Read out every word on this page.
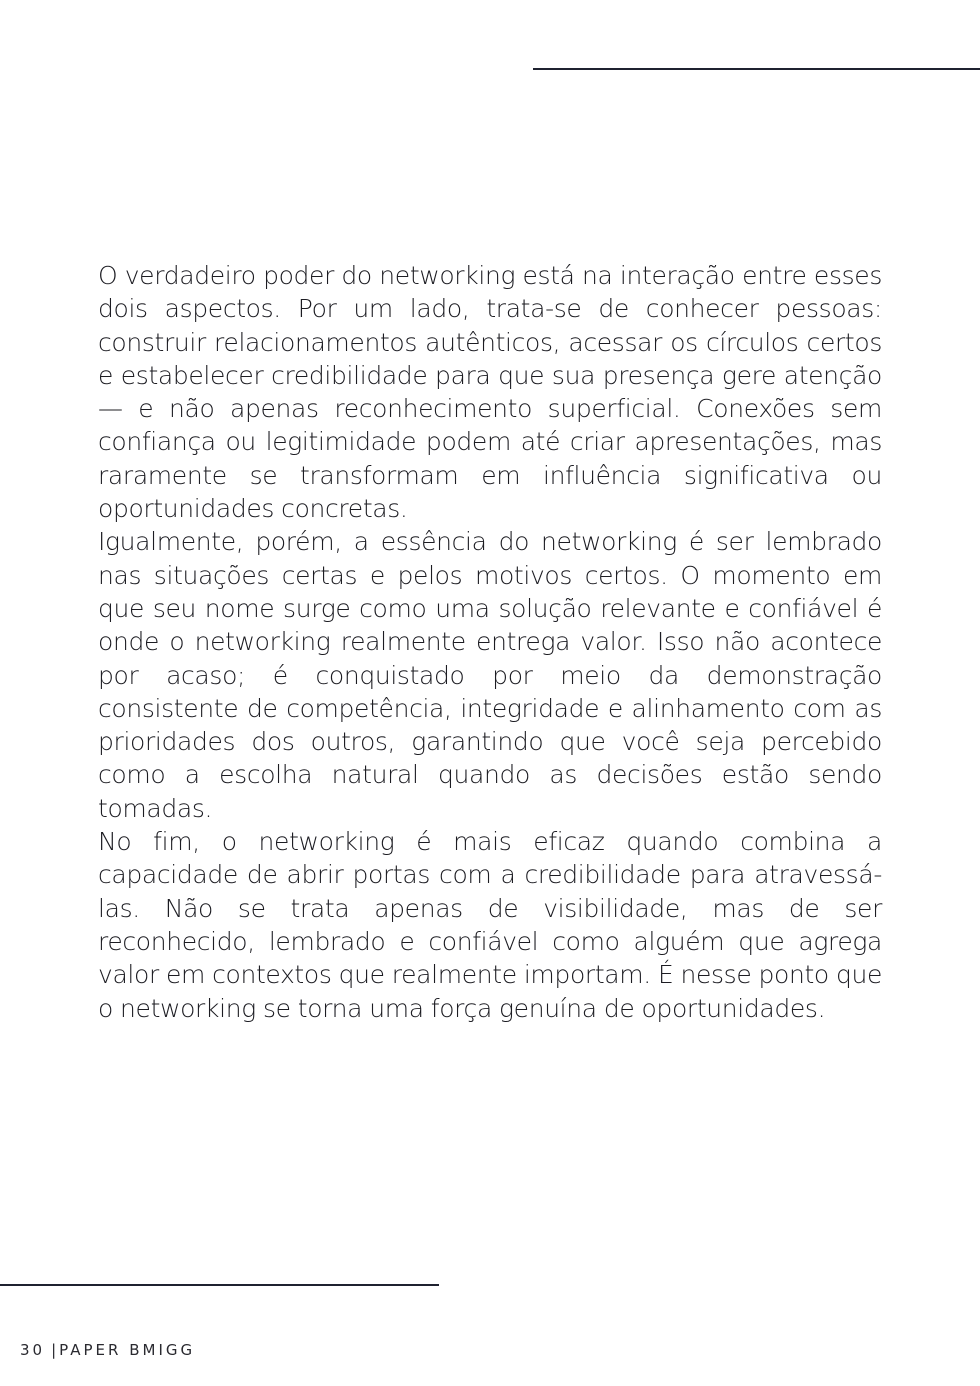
O verdadeiro poder do networking está na interação entre esses dois aspectos. Por um lado, trata-se de conhecer pessoas: construir relacionamentos autênticos, acessar os círculos certos e estabelecer credibilidade para que sua presença gere atenção — e não apenas reconhecimento superficial. Conexões sem confiança ou legitimidade podem até criar apresentações, mas raramente se transformam em influência significativa ou oportunidades concretas.

Igualmente, porém, a essência do networking é ser lembrado nas situações certas e pelos motivos certos. O momento em que seu nome surge como uma solução relevante e confiável é onde o networking realmente entrega valor. Isso não acontece por acaso; é conquistado por meio da demonstração consistente de competência, integridade e alinhamento com as prioridades dos outros, garantindo que você seja percebido como a escolha natural quando as decisões estão sendo tomadas.

No fim, o networking é mais eficaz quando combina a capacidade de abrir portas com a credibilidade para atravessá-las. Não se trata apenas de visibilidade, mas de ser reconhecido, lembrado e confiável como alguém que agrega valor em contextos que realmente importam. É nesse ponto que o networking se torna uma força genuína de oportunidades.

30 |PAPER BMIGG
